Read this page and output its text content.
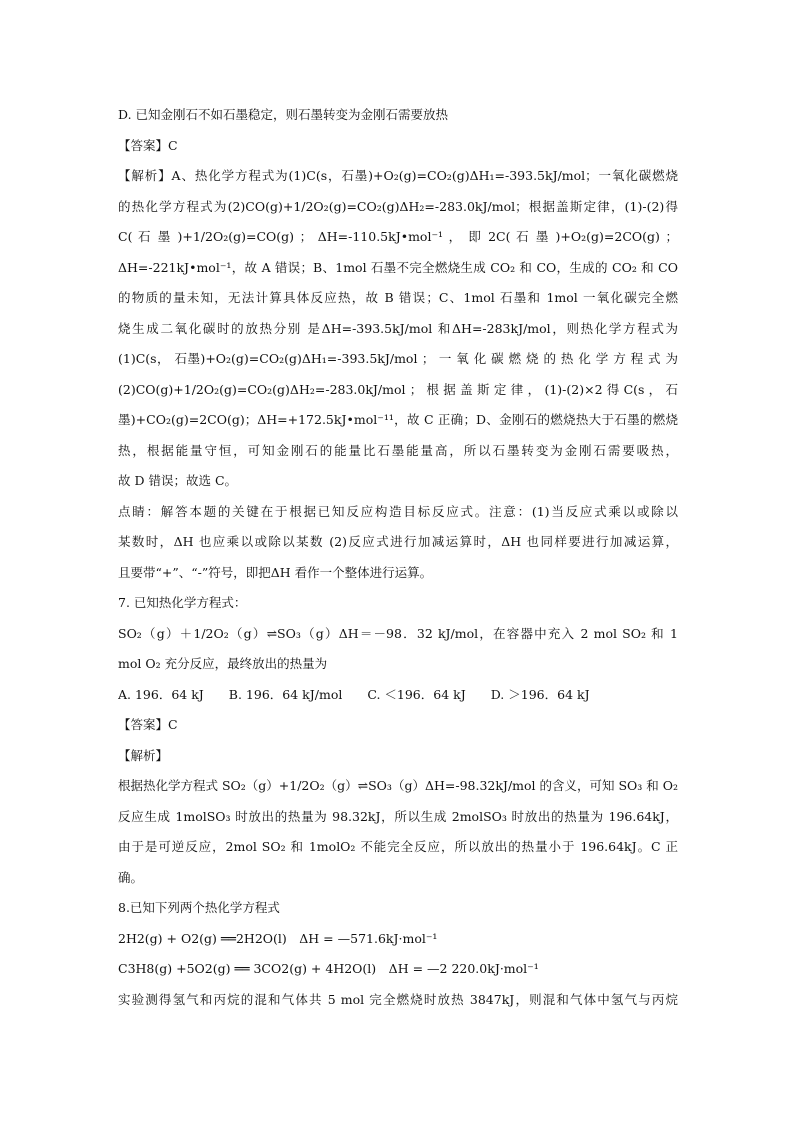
D. 已知金刚石不如石墨稳定，则石墨转变为金刚石需要放热
【答案】C
【解析】A、热化学方程式为(1)C(s，石墨)+O₂(g)=CO₂(g)ΔH₁=-393.5kJ/mol；一氧化碳燃烧
的热化学方程式为(2)CO(g)+1/2O₂(g)=CO₂(g)ΔH₂=-283.0kJ/mol；根据盖斯定律，(1)-(2)得
C( 石 墨 )+1/2O₂(g)=CO(g) ； ΔH=-110.5kJ•mol⁻¹ ， 即 2C( 石 墨 )+O₂(g)=2CO(g) ；
ΔH=-221kJ•mol⁻¹，故 A 错误；B、1mol 石墨不完全燃烧生成 CO₂ 和 CO，生成的 CO₂ 和 CO
的物质的量未知，无法计算具体反应热，故 B 错误；C、1mol 石墨和 1mol 一氧化碳完全燃
烧生成二氧化碳时的放热分别 是ΔH=-393.5kJ/mol 和ΔH=-283kJ/mol，则热化学方程式为
(1)C(s， 石墨)+O₂(g)=CO₂(g)ΔH₁=-393.5kJ/mol ； 一 氧 化 碳 燃 烧 的 热 化 学 方 程 式 为
(2)CO(g)+1/2O₂(g)=CO₂(g)ΔH₂=-283.0kJ/mol ； 根 据 盖 斯 定 律 ， (1)-(2)×2 得 C(s ， 石
墨)+CO₂(g)=2CO(g)；ΔH=+172.5kJ•mol⁻¹¹，故 C 正确；D、金刚石的燃烧热大于石墨的燃烧
热，根据能量守恒，可知金刚石的能量比石墨能量高，所以石墨转变为金刚石需要吸热，
故 D 错误；故选 C。
点睛：解答本题的关键在于根据已知反应构造目标反应式。注意：(1)当反应式乘以或除以
某数时，ΔH 也应乘以或除以某数 (2)反应式进行加减运算时，ΔH 也同样要进行加减运算，
且要带“+”、“-”符号，即把ΔH 看作一个整体进行运算。
7. 已知热化学方程式：
SO₂（g）＋1/2O₂（g）⇌SO₃（g）ΔH＝－98．32 kJ/mol，在容器中充入 2 mol SO₂ 和 1
mol O₂ 充分反应，最终放出的热量为
A. 196．64 kJ　　B. 196．64 kJ/mol　　C. ＜196．64 kJ　　D. ＞196．64 kJ
【答案】C
【解析】
根据热化学方程式 SO₂（g）+1/2O₂（g）⇌SO₃（g）ΔH=-98.32kJ/mol 的含义，可知 SO₃ 和 O₂
反应生成 1molSO₃ 时放出的热量为 98.32kJ，所以生成 2molSO₃ 时放出的热量为 196.64kJ，
由于是可逆反应，2mol SO₂ 和 1molO₂ 不能完全反应，所以放出的热量小于 196.64kJ。C 正
确。
8.已知下列两个热化学方程式
2H2(g) + O2(g) ══2H2O(l)　ΔH = —571.6kJ·mol⁻¹
C3H8(g) +5O2(g) ══ 3CO2(g) + 4H2O(l)　ΔH = —2 220.0kJ·mol⁻¹
实验测得氢气和丙烷的混和气体共 5 mol 完全燃烧时放热 3847kJ，则混和气体中氢气与丙烷
